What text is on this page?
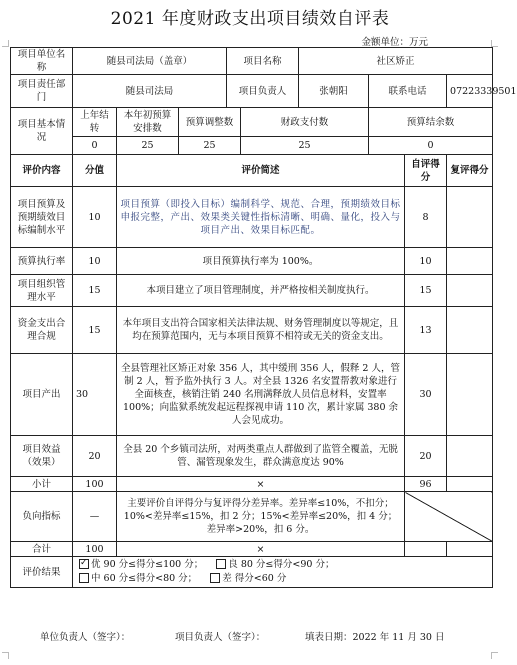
2021 年度财政支出项目绩效自评表
金额单位：万元
项目单位名称	随县司法局（盖章）			项目名称		社区矫正			
项目责任部门	随县司法局			项目负责人		张朝阳	联系电话		07223339501
项目基本情况	上年结转	本年初预算安排数	预算调整数		财政支付数		预算结余数		
	0	25	25		25		0		
评价内容	分值	评价简述						自评得分	复评得分
项目预算及预期绩效目标编制水平	10	项目预算（即投入目标）编制科学、规范、合理，预期绩效目标申报完整，产出、效果类关键性指标清晰、明确、量化，投入与项目产出、效果目标匹配。						8	
预算执行率	10	项目预算执行率为 100%。						10	
项目组织管理水平	15	本项目建立了项目管理制度，并严格按相关制度执行。						15	
资金支出合理合规	15	本年项目支出符合国家相关法律法规、财务管理制度以等规定，且均在预算范围内，无与本项目预算不相符或无关的资金支出。						13	
项目产出	30	全县管理社区矫正对象 356 人，其中缓刑 356 人，假释 2 人，管制 2 人，暂予监外执行 3 人。对全县 1326 名安置帮教对象进行全面核查，核销注销 240 名刑满释放人员信息材料，安置率 100%；向监狱系统发起远程探视申请 110 次，累计家属 380 余人会见成功。						30	
项目效益（效果）	20	全县 20 个乡镇司法所，对两类重点人群做到了监管全覆盖，无脱管、漏管现象发生，群众满意度达 90%						20	
小计	100	×						96	
负向指标	—	主要评价自评得分与复评得分差异率。差异率≤10%，不扣分；10%<差异率≤15%，扣 2 分；15%<差异率≤20%，扣 4 分；差异率>20%，扣 6 分。							
合计	100	×							
评价结果	
✓优 90 分≤得分≤100 分； 良 80 分≤得分<90 分；
中 60 分≤得分<80 分； 差 得分<60 分
单位负责人（签字）：	项目负责人（签字）：	填表日期：2022 年 11 月 30 日
